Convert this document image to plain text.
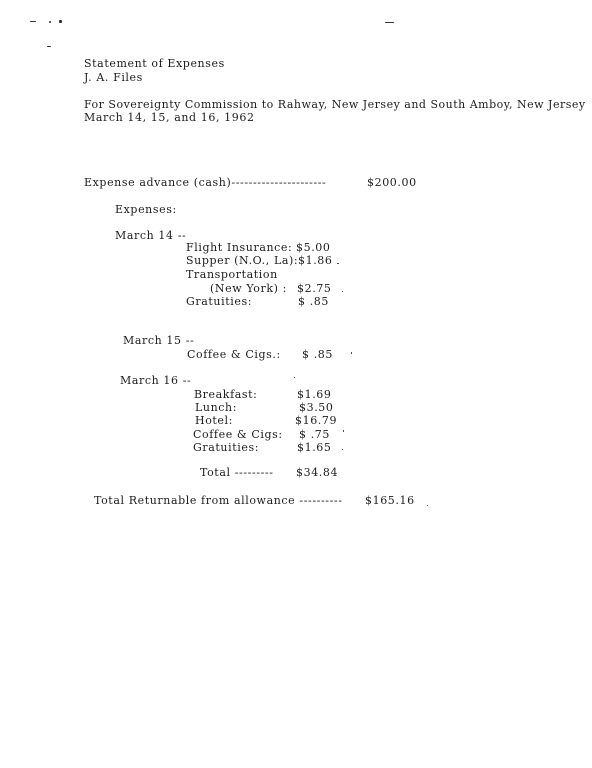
Statement of Expenses
J. A. Files
For Sovereignty Commission to Rahway, New Jersey and South Amboy, New Jersey
March 14, 15, and 16, 1962
Expense advance (cash)----------------------	$200.00
Expenses:
March 14 --
Flight Insurance: $5.00
Supper (N.O., La): $1.86
Transportation
(New York) : $2.75
Gratuities:	$ .85
March 15 --
Coffee & Cigs.: $ .85
March 16 --
Breakfast:	$1.69
Lunch:	$3.50
Hotel:	$16.79
Coffee & Cigs: $ .75
Gratuities:	$1.65
Total --------- $34.84
Total Returnable from allowance ---------- $165.16
